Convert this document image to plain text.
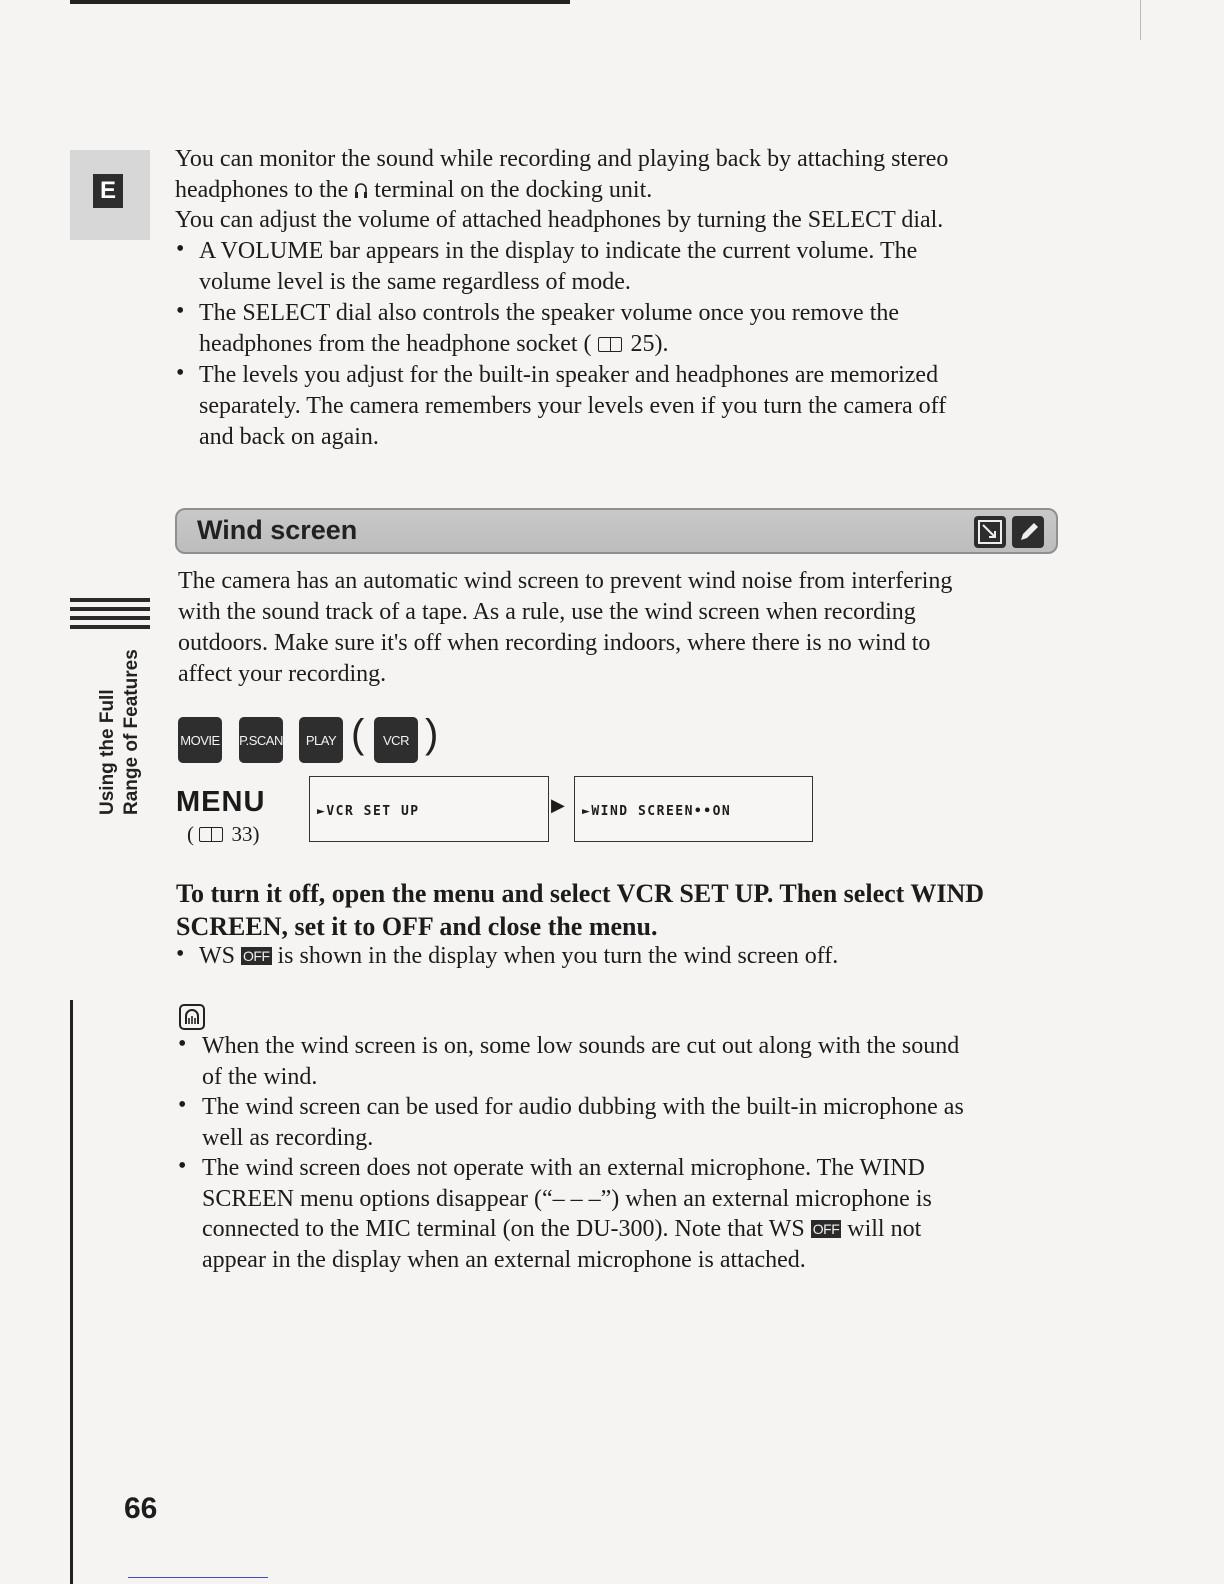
E
You can monitor the sound while recording and playing back by attaching stereo
headphones to the terminal on the docking unit.
You can adjust the volume of attached headphones by turning the SELECT dial.
• A VOLUME bar appears in the display to indicate the current volume. The
volume level is the same regardless of mode.
• The SELECT dial also controls the speaker volume once you remove the
headphones from the headphone socket ( 25).
• The levels you adjust for the built-in speaker and headphones are memorized
separately. The camera remembers your levels even if you turn the camera off
and back on again.
Wind screen
Using the Full Range of Features
The camera has an automatic wind screen to prevent wind noise from interfering
with the sound track of a tape. As a rule, use the wind screen when recording
outdoors. Make sure it's off when recording indoors, where there is no wind to
affect your recording.
MOVIE P.SCAN	PLAY (	VCR )
MENU
( 33)
►VCR SET UP	▶	►WIND SCREEN••ON
To turn it off, open the menu and select VCR SET UP. Then select WIND
SCREEN, set it to OFF and close the menu.
• WS OFF is shown in the display when you turn the wind screen off.
• When the wind screen is on, some low sounds are cut out along with the sound
of the wind.
• The wind screen can be used for audio dubbing with the built-in microphone as
well as recording.
• The wind screen does not operate with an external microphone. The WIND
SCREEN menu options disappear (“– – –”) when an external microphone is
connected to the MIC terminal (on the DU-300). Note that WS OFF will not
appear in the display when an external microphone is attached.
66
